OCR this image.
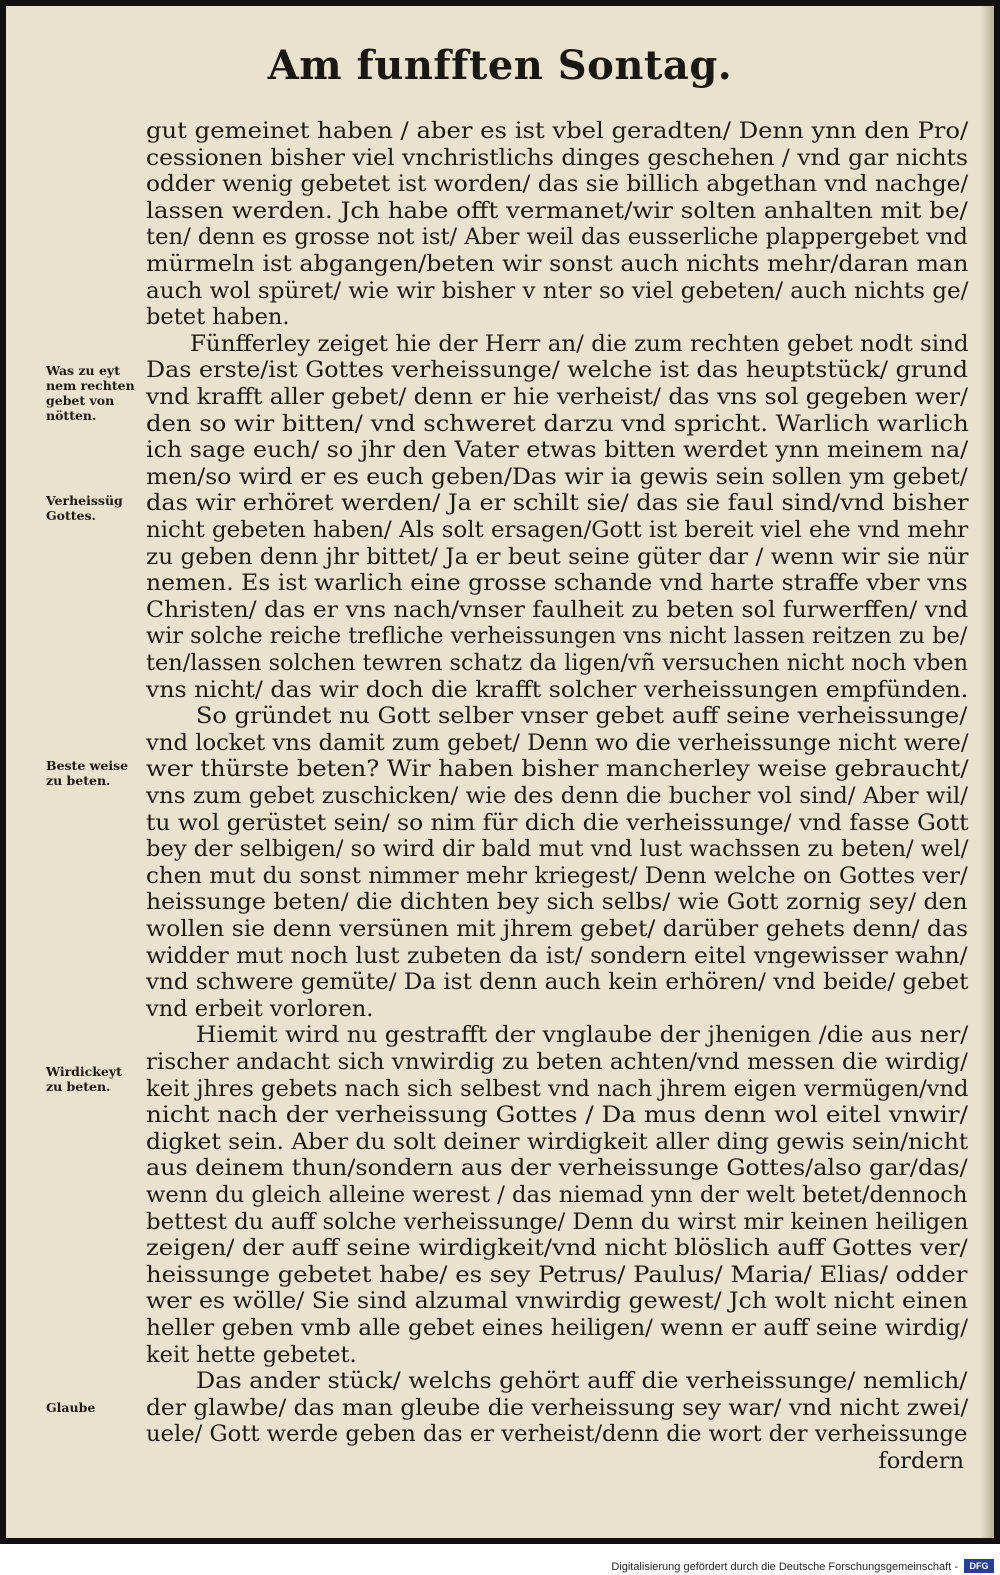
Am funfften Sontag.
gut gemeinet haben / aber es ist vbel geradten/ Denn ynn den Pro/
cessionen bisher viel vnchristlichs dinges geschehen / vnd gar nichts
odder wenig gebetet ist worden/ das sie billich abgethan vnd nachge/
lassen werden. Jch habe offt vermanet/wir solten anhalten mit be/
ten/ denn es grosse not ist/ Aber weil das eusserliche plappergebet vnd
mürmeln ist abgangen/beten wir sonst auch nichts mehr/daran man
auch wol spüret/ wie wir bisher v nter so viel gebeten/ auch nichts ge/
betet haben.
Fünfferley zeiget hie der Herr an/ die zum rechten gebet nodt sind
Das erste/ist Gottes verheissunge/ welche ist das heuptstück/ grund
vnd krafft aller gebet/ denn er hie verheist/ das vns sol gegeben wer/
den so wir bitten/ vnd schweret darzu vnd spricht. Warlich warlich
ich sage euch/ so jhr den Vater etwas bitten werdet ynn meinem na/
men/so wird er es euch geben/Das wir ia gewis sein sollen ym gebet/
das wir erhöret werden/ Ja er schilt sie/ das sie faul sind/vnd bisher
nicht gebeten haben/ Als solt ersagen/Gott ist bereit viel ehe vnd mehr
zu geben denn jhr bittet/ Ja er beut seine güter dar / wenn wir sie nür
nemen. Es ist warlich eine grosse schande vnd harte straffe vber vns
Christen/ das er vns nach/vnser faulheit zu beten sol furwerffen/ vnd
wir solche reiche trefliche verheissungen vns nicht lassen reitzen zu be/
ten/lassen solchen tewren schatz da ligen/vñ versuchen nicht noch vben
vns nicht/ das wir doch die krafft solcher verheissungen empfünden.
So gründet nu Gott selber vnser gebet auff seine verheissunge/
vnd locket vns damit zum gebet/ Denn wo die verheissunge nicht were/
wer thürste beten? Wir haben bisher mancherley weise gebraucht/
vns zum gebet zuschicken/ wie des denn die bucher vol sind/ Aber wil/
tu wol gerüstet sein/ so nim für dich die verheissunge/ vnd fasse Gott
bey der selbigen/ so wird dir bald mut vnd lust wachssen zu beten/ wel/
chen mut du sonst nimmer mehr kriegest/ Denn welche on Gottes ver/
heissunge beten/ die dichten bey sich selbs/ wie Gott zornig sey/ den
wollen sie denn versünen mit jhrem gebet/ darüber gehets denn/ das
widder mut noch lust zubeten da ist/ sondern eitel vngewisser wahn/
vnd schwere gemüte/ Da ist denn auch kein erhören/ vnd beide/ gebet
vnd erbeit vorloren.
Hiemit wird nu gestrafft der vnglaube der jhenigen /die aus ner/
rischer andacht sich vnwirdig zu beten achten/vnd messen die wirdig/
keit jhres gebets nach sich selbest vnd nach jhrem eigen vermügen/vnd
nicht nach der verheissung Gottes / Da mus denn wol eitel vnwir/
digket sein. Aber du solt deiner wirdigkeit aller ding gewis sein/nicht
aus deinem thun/sondern aus der verheissunge Gottes/also gar/das/
wenn du gleich alleine werest / das niemad ynn der welt betet/dennoch
bettest du auff solche verheissunge/ Denn du wirst mir keinen heiligen
zeigen/ der auff seine wirdigkeit/vnd nicht blöslich auff Gottes ver/
heissunge gebetet habe/ es sey Petrus/ Paulus/ Maria/ Elias/ odder
wer es wölle/ Sie sind alzumal vnwirdig gewest/ Jch wolt nicht einen
heller geben vmb alle gebet eines heiligen/ wenn er auff seine wirdig/
keit hette gebetet.
Das ander stück/ welchs gehört auff die verheissunge/ nemlich/
der glawbe/ das man gleube die verheissung sey war/ vnd nicht zwei/
uele/ Gott werde geben das er verheist/denn die wort der verheissunge
fordern
Was zu eyt
nem rechten
gebet von
nötten.
Verheissüg
Gottes.
Beste weise
zu beten.
Wirdickeyt
zu beten.
Glaube
Digitalisierung gefördert durch die Deutsche Forschungsgemeinschaft -	DFG
